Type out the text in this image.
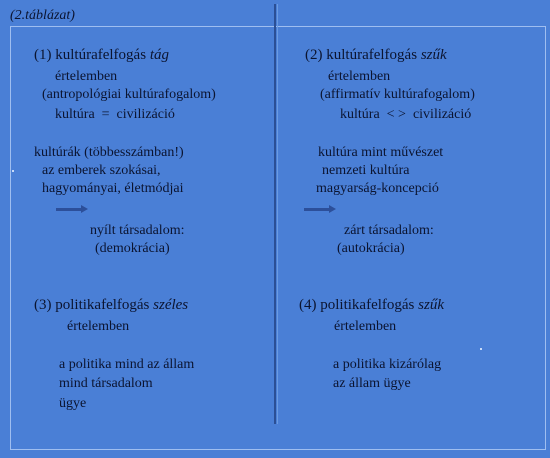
(2.táblázat)
(1) kultúrafelfogás tág
értelemben
(antropológiai kultúrafogalom)
kultúra  =  civilizáció
kultúrák (többesszámban!)
az emberek szokásai,
hagyományai, életmódjai
nyílt társadalom:
(demokrácia)
(2) kultúrafelfogás szűk
értelemben
(affirmatív kultúrafogalom)
kultúra  < >  civilizáció
kultúra mint művészet
nemzeti kultúra
magyarság-koncepció
zárt társadalom:
(autokrácia)
(3) politikafelfogás széles
értelemben
a politika mind az állam
mind társadalom
ügye
(4) politikafelfogás szűk
értelemben
a politika kizárólag
az állam ügye
